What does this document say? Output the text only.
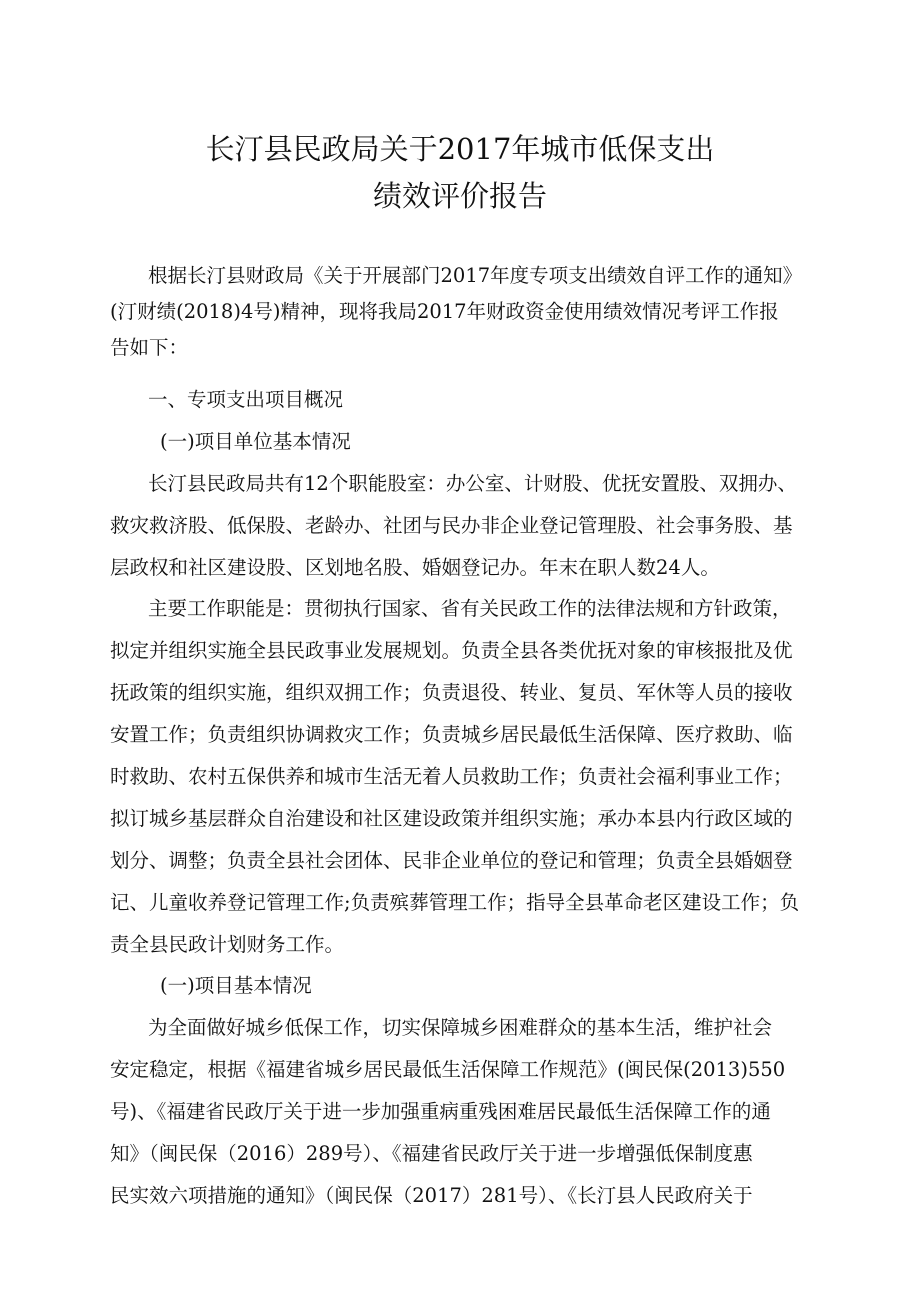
长汀县民政局关于2017年城市低保支出
绩效评价报告
根据长汀县财政局《关于开展部门2017年度专项支出绩效自评工作的通知》
(汀财绩(2018)4号)精神，现将我局2017年财政资金使用绩效情况考评工作报
告如下：
一、专项支出项目概况
(一)项目单位基本情况
长汀县民政局共有12个职能股室：办公室、计财股、优抚安置股、双拥办、
救灾救济股、低保股、老龄办、社团与民办非企业登记管理股、社会事务股、基
层政权和社区建设股、区划地名股、婚姻登记办。年末在职人数24人。
主要工作职能是：贯彻执行国家、省有关民政工作的法律法规和方针政策，
拟定并组织实施全县民政事业发展规划。负责全县各类优抚对象的审核报批及优
抚政策的组织实施，组织双拥工作；负责退役、转业、复员、军休等人员的接收
安置工作；负责组织协调救灾工作；负责城乡居民最低生活保障、医疗救助、临
时救助、农村五保供养和城市生活无着人员救助工作；负责社会福利事业工作；
拟订城乡基层群众自治建设和社区建设政策并组织实施；承办本县内行政区域的
划分、调整；负责全县社会团体、民非企业单位的登记和管理；负责全县婚姻登
记、儿童收养登记管理工作;负责殡葬管理工作；指导全县革命老区建设工作；负
责全县民政计划财务工作。
(一)项目基本情况
为全面做好城乡低保工作，切实保障城乡困难群众的基本生活，维护社会
安定稳定，根据《福建省城乡居民最低生活保障工作规范》(闽民保(2013)550
号)、《福建省民政厅关于进一步加强重病重残困难居民最低生活保障工作的通
知》（闽民保（2016）289号）、《福建省民政厅关于进一步增强低保制度惠
民实效六项措施的通知》（闽民保（2017）281号）、《长汀县人民政府关于
